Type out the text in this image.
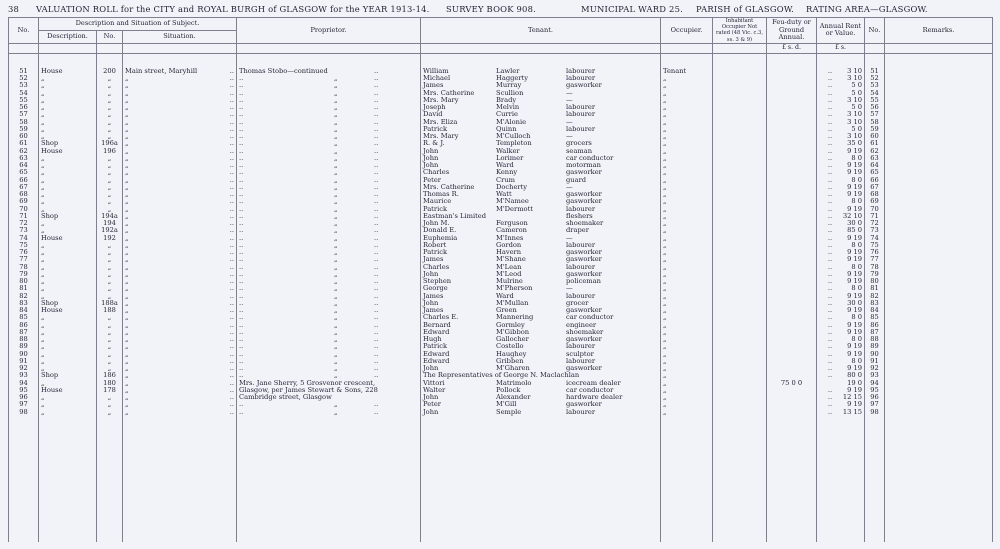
38	VALUATION ROLL for the CITY and ROYAL BURGH of GLASGOW for the YEAR 1913-14.	SURVEY BOOK 908.	MUNICIPAL WARD 25.	PARISH of GLASGOW.	RATING AREA—GLASGOW.
No.	Description and Situation of Subject.			Proprietor.	Tenant.	Occupier.	Inhabitant Occupier Not rated (48 Vic. c.3, ss. 3 & 9)	Feu-duty or Ground Annual.	Annual Rent or Value.	No.	Remarks.
	Description.	No.	Situation.								
								£ s. d.	£ s.		

51	House	200	Main street, Maryhill ..	Thomas Stobo—continued ..	William Lawler labourer	Tenant			.. 3 10	51	
52	„	„	„ ..	.. „ ..	Michael Haggerty labourer	„			.. 3 10	52	
53	„	„	„ ..	.. „ ..	James Murray gasworker	„			.. 5 0	53	
54	„	„	„ ..	.. „ ..	Mrs. Catherine Scullion —	„			.. 5 0	54	
55	„	„	„ ..	.. „ ..	Mrs. Mary Brady —	„			.. 3 10	55	
56	„	„	„ ..	.. „ ..	Joseph Melvin labourer	„			.. 5 0	56	
57	„	„	„ ..	.. „ ..	David Currie labourer	„			.. 3 10	57	
58	„	„	„ ..	.. „ ..	Mrs. Eliza M'Alonie —	„			.. 3 10	58	
59	„	„	„ ..	.. „ ..	Patrick Quinn labourer	„			.. 5 0	59	
60	„	„	„ ..	.. „ ..	Mrs. Mary M'Culloch —	„			.. 3 10	60	
61	Shop	196a	„ ..	.. „ ..	R. & J. Templeton grocers	„			.. 35 0	61	
62	House	196	„ ..	.. „ ..	John Walker seaman	„			.. 9 19	62	
63	„	„	„ ..	.. „ ..	John Lorimer car conductor	„			.. 8 0	63	
64	„	„	„ ..	.. „ ..	John Ward motorman	„			.. 9 19	64	
65	„	„	„ ..	.. „ ..	Charles Kenny gasworker	„			.. 9 19	65	
66	„	„	„ ..	.. „ ..	Peter Crum guard	„			.. 8 0	66	
67	„	„	„ ..	.. „ ..	Mrs. Catherine Docherty —	„			.. 9 19	67	
68	„	„	„ ..	.. „ ..	Thomas R. Watt gasworker	„			.. 9 19	68	
69	„	„	„ ..	.. „ ..	Maurice M'Namee gasworker	„			.. 8 0	69	
70	„	„	„ ..	.. „ ..	Patrick M'Dermott labourer	„			.. 9 19	70	
71	Shop	194a	„ ..	.. „ ..	Eastman's Limited fleshers	„			.. 32 10	71	
72	„	194	„ ..	.. „ ..	John M. Ferguson shoemaker	„			.. 30 0	72	
73	„	192a	„ ..	.. „ ..	Donald E. Cameron draper	„			.. 85 0	73	
74	House	192	„ ..	.. „ ..	Euphemia M'Innes —	„			.. 9 19	74	
75	„	„	„ ..	.. „ ..	Robert Gordon labourer	„			.. 8 0	75	
76	„	„	„ ..	.. „ ..	Patrick Havern gasworker	„			.. 9 19	76	
77	„	„	„ ..	.. „ ..	James M'Shane gasworker	„			.. 9 19	77	
78	„	„	„ ..	.. „ ..	Charles M'Lean labourer	„			.. 8 0	78	
79	„	„	„ ..	.. „ ..	John M'Leod gasworker	„			.. 9 19	79	
80	„	„	„ ..	.. „ ..	Stephen Mulrine policeman	„			.. 9 19	80	
81	„	„	„ ..	.. „ ..	George M'Pherson —	„			.. 8 0	81	
82	„	„	„ ..	.. „ ..	James Ward labourer	„			.. 9 19	82	
83	Shop	188a	„ ..	.. „ ..	John M'Mullan grocer	„			.. 30 0	83	
84	House	188	„ ..	.. „ ..	James Green gasworker	„			.. 9 19	84	
85	„	„	„ ..	.. „ ..	Charles E. Mannering car conductor	„			.. 8 0	85	
86	„	„	„ ..	.. „ ..	Bernard Gormley engineer	„			.. 9 19	86	
87	„	„	„ ..	.. „ ..	Edward M'Gibbon shoemaker	„			.. 9 19	87	
88	„	„	„ ..	.. „ ..	Hugh Gallocher gasworker	„			.. 8 0	88	
89	„	„	„ ..	.. „ ..	Patrick Costello labourer	„			.. 9 19	89	
90	„	„	„ ..	.. „ ..	Edward Haughey sculptor	„			.. 9 19	90	
91	„	„	„ ..	.. „ ..	Edward Gribben labourer	„			.. 8 0	91	
92	„	„	„ ..	.. „ ..	John M'Gharen gasworker	„			.. 9 19	92	
93	Shop	186	„ ..	.. „ ..	The Representatives of George N. Maclachlan	„			.. 80 0	93	
94	„	180	„ ..	Mrs. Jane Sherry, 5 Grosvenor crescent,	Vittori Matrimolo icecream dealer	„		75 0 0	19 0	94	
95	House	178	„ ..	Glasgow, per James Stewart & Sons, 228	Walter Pollock car conductor	„			.. 9 19	95	
96	„	„	„ ..	Cambridge street, Glasgow	John Alexander hardware dealer	„			.. 12 15	96	
97	„	„	„ ..	.. „ ..	Peter M'Gill gasworker	„			.. 9 19	97	
98	„	„	„ ..	.. „ ..	John Semple labourer	„			.. 13 15	98	
